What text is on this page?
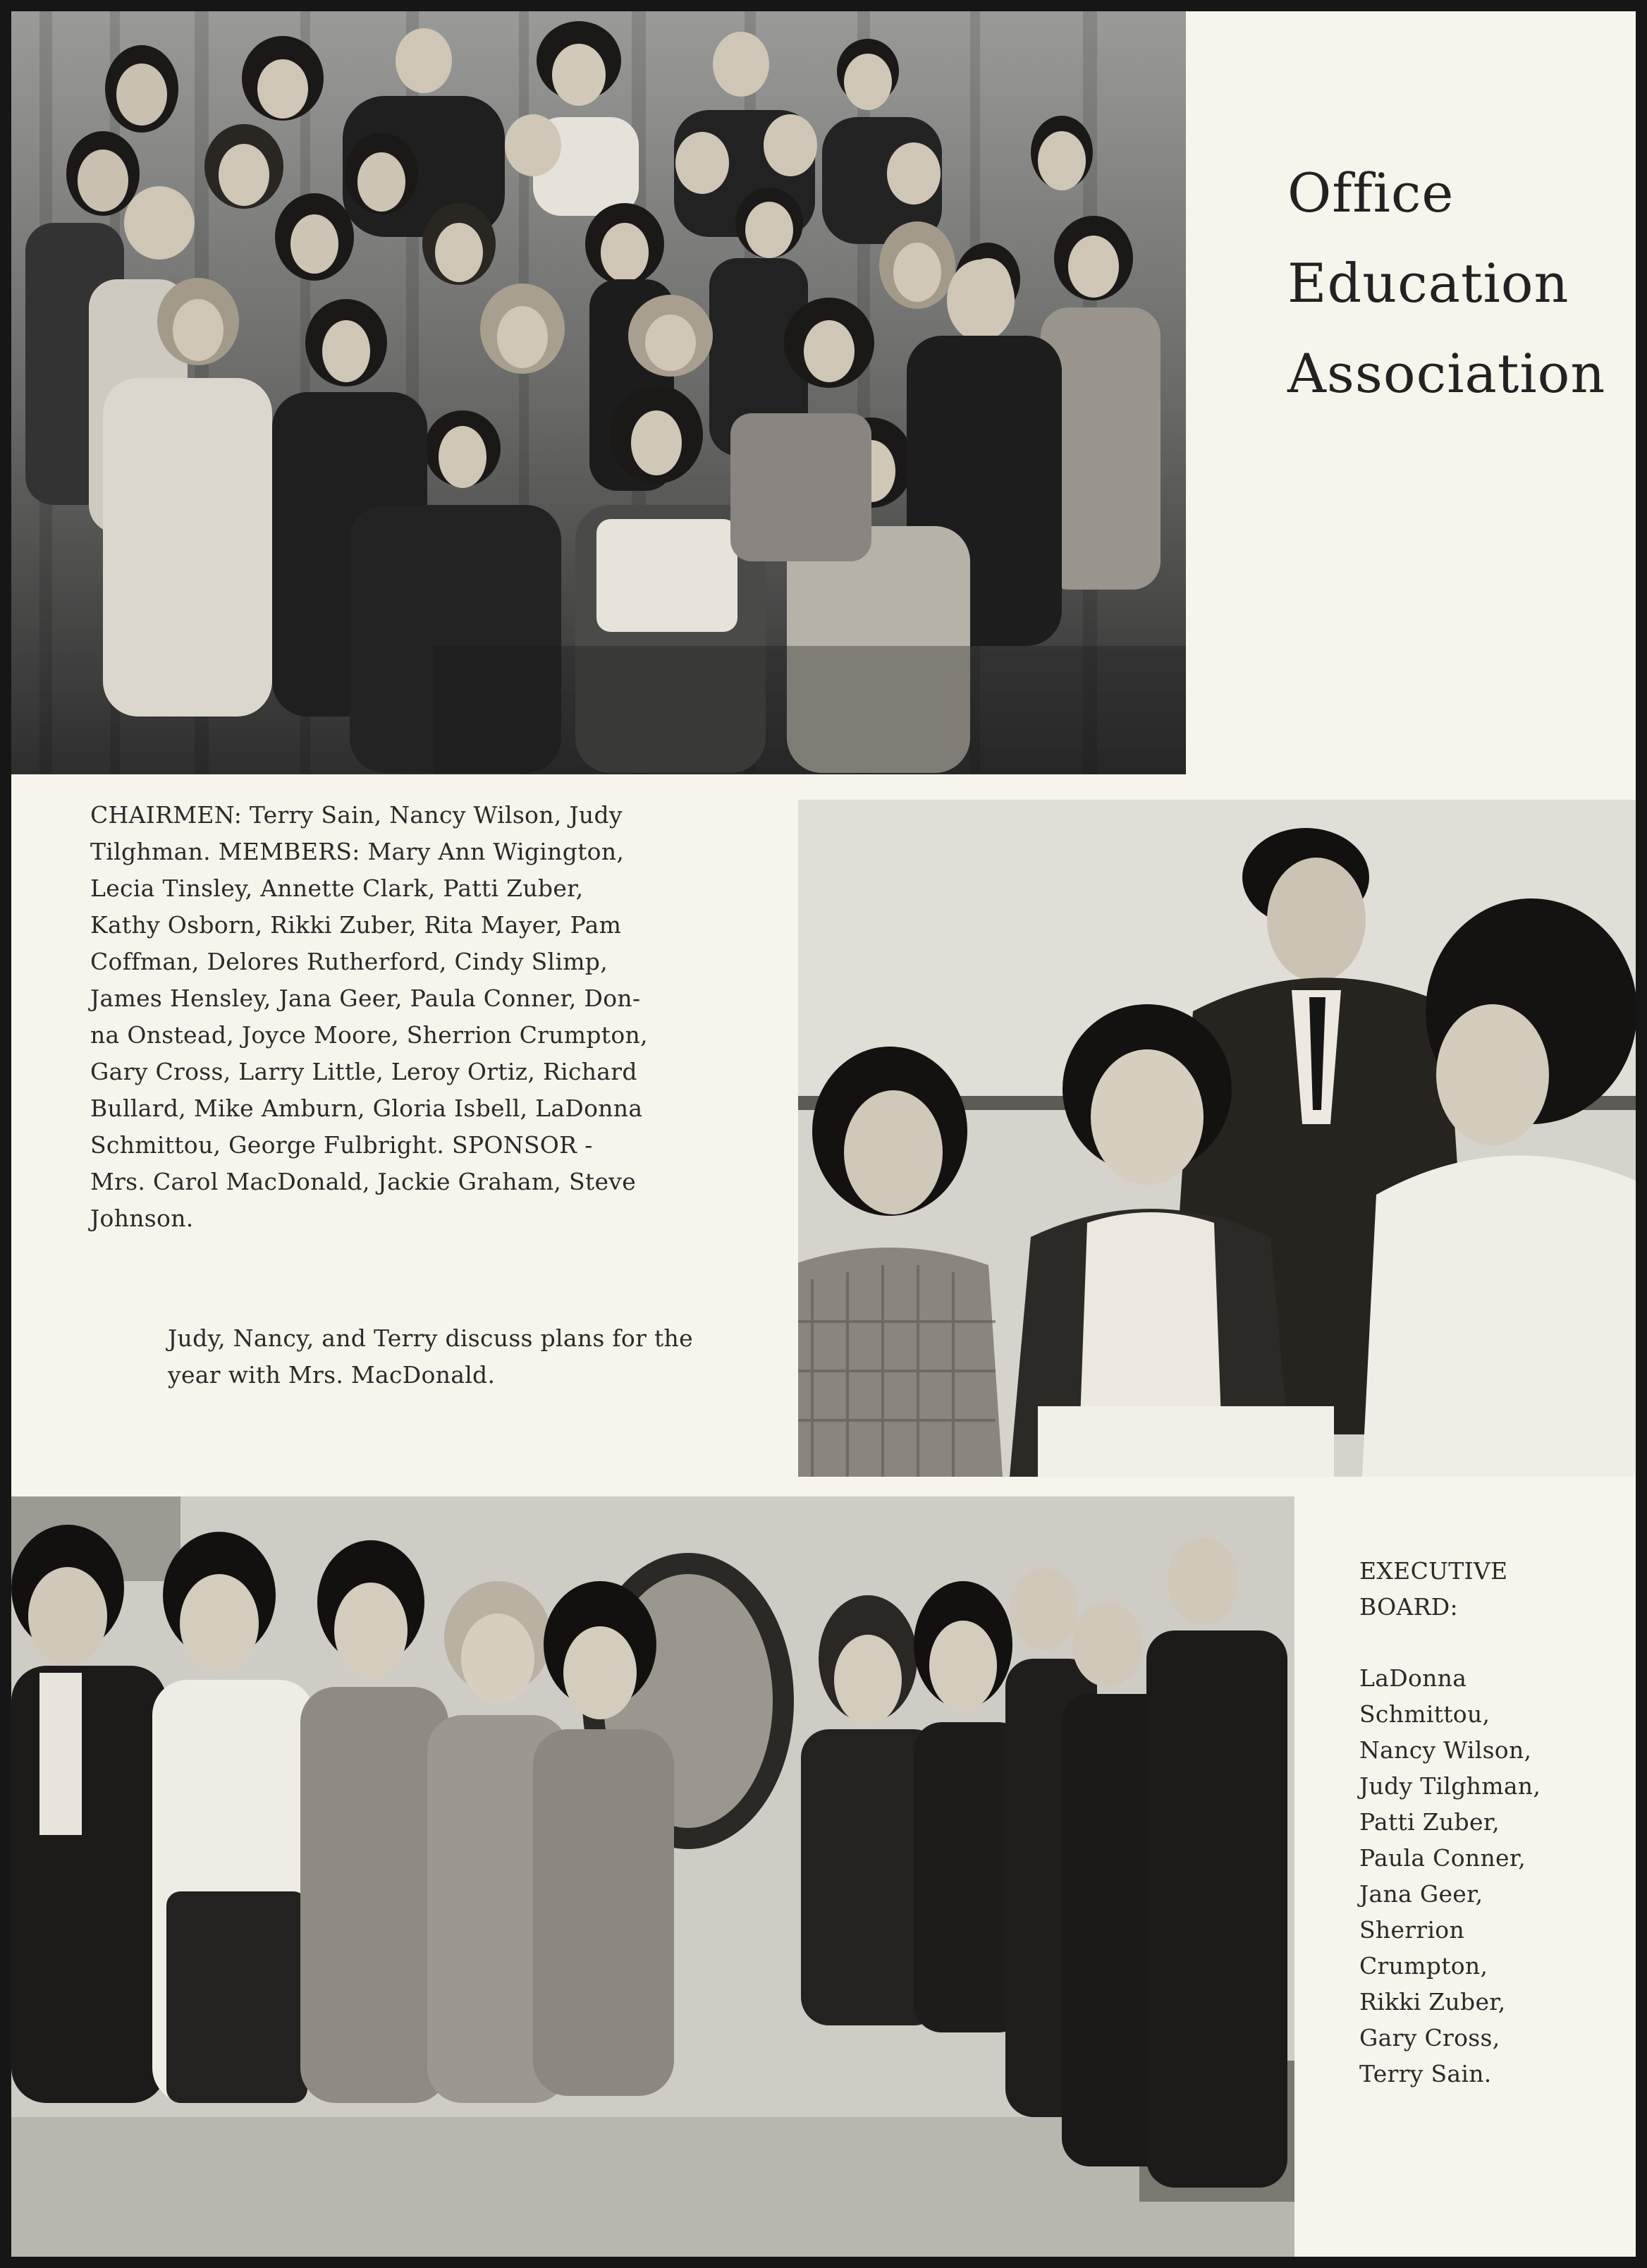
Office
Education
Association
CHAIRMEN: Terry Sain, Nancy Wilson, Judy
Tilghman. MEMBERS: Mary Ann Wigington,
Lecia Tinsley, Annette Clark, Patti Zuber,
Kathy Osborn, Rikki Zuber, Rita Mayer, Pam
Coffman, Delores Rutherford, Cindy Slimp,
James Hensley, Jana Geer, Paula Conner, Don-
na Onstead, Joyce Moore, Sherrion Crumpton,
Gary Cross, Larry Little, Leroy Ortiz, Richard
Bullard, Mike Amburn, Gloria Isbell, LaDonna
Schmittou, George Fulbright. SPONSOR -
Mrs. Carol MacDonald, Jackie Graham, Steve
Johnson.
Judy, Nancy, and Terry discuss plans for the
year with Mrs. MacDonald.
EXECUTIVE
BOARD:
LaDonna
Schmittou,
Nancy Wilson,
Judy Tilghman,
Patti Zuber,
Paula Conner,
Jana Geer,
Sherrion
Crumpton,
Rikki Zuber,
Gary Cross,
Terry Sain.
